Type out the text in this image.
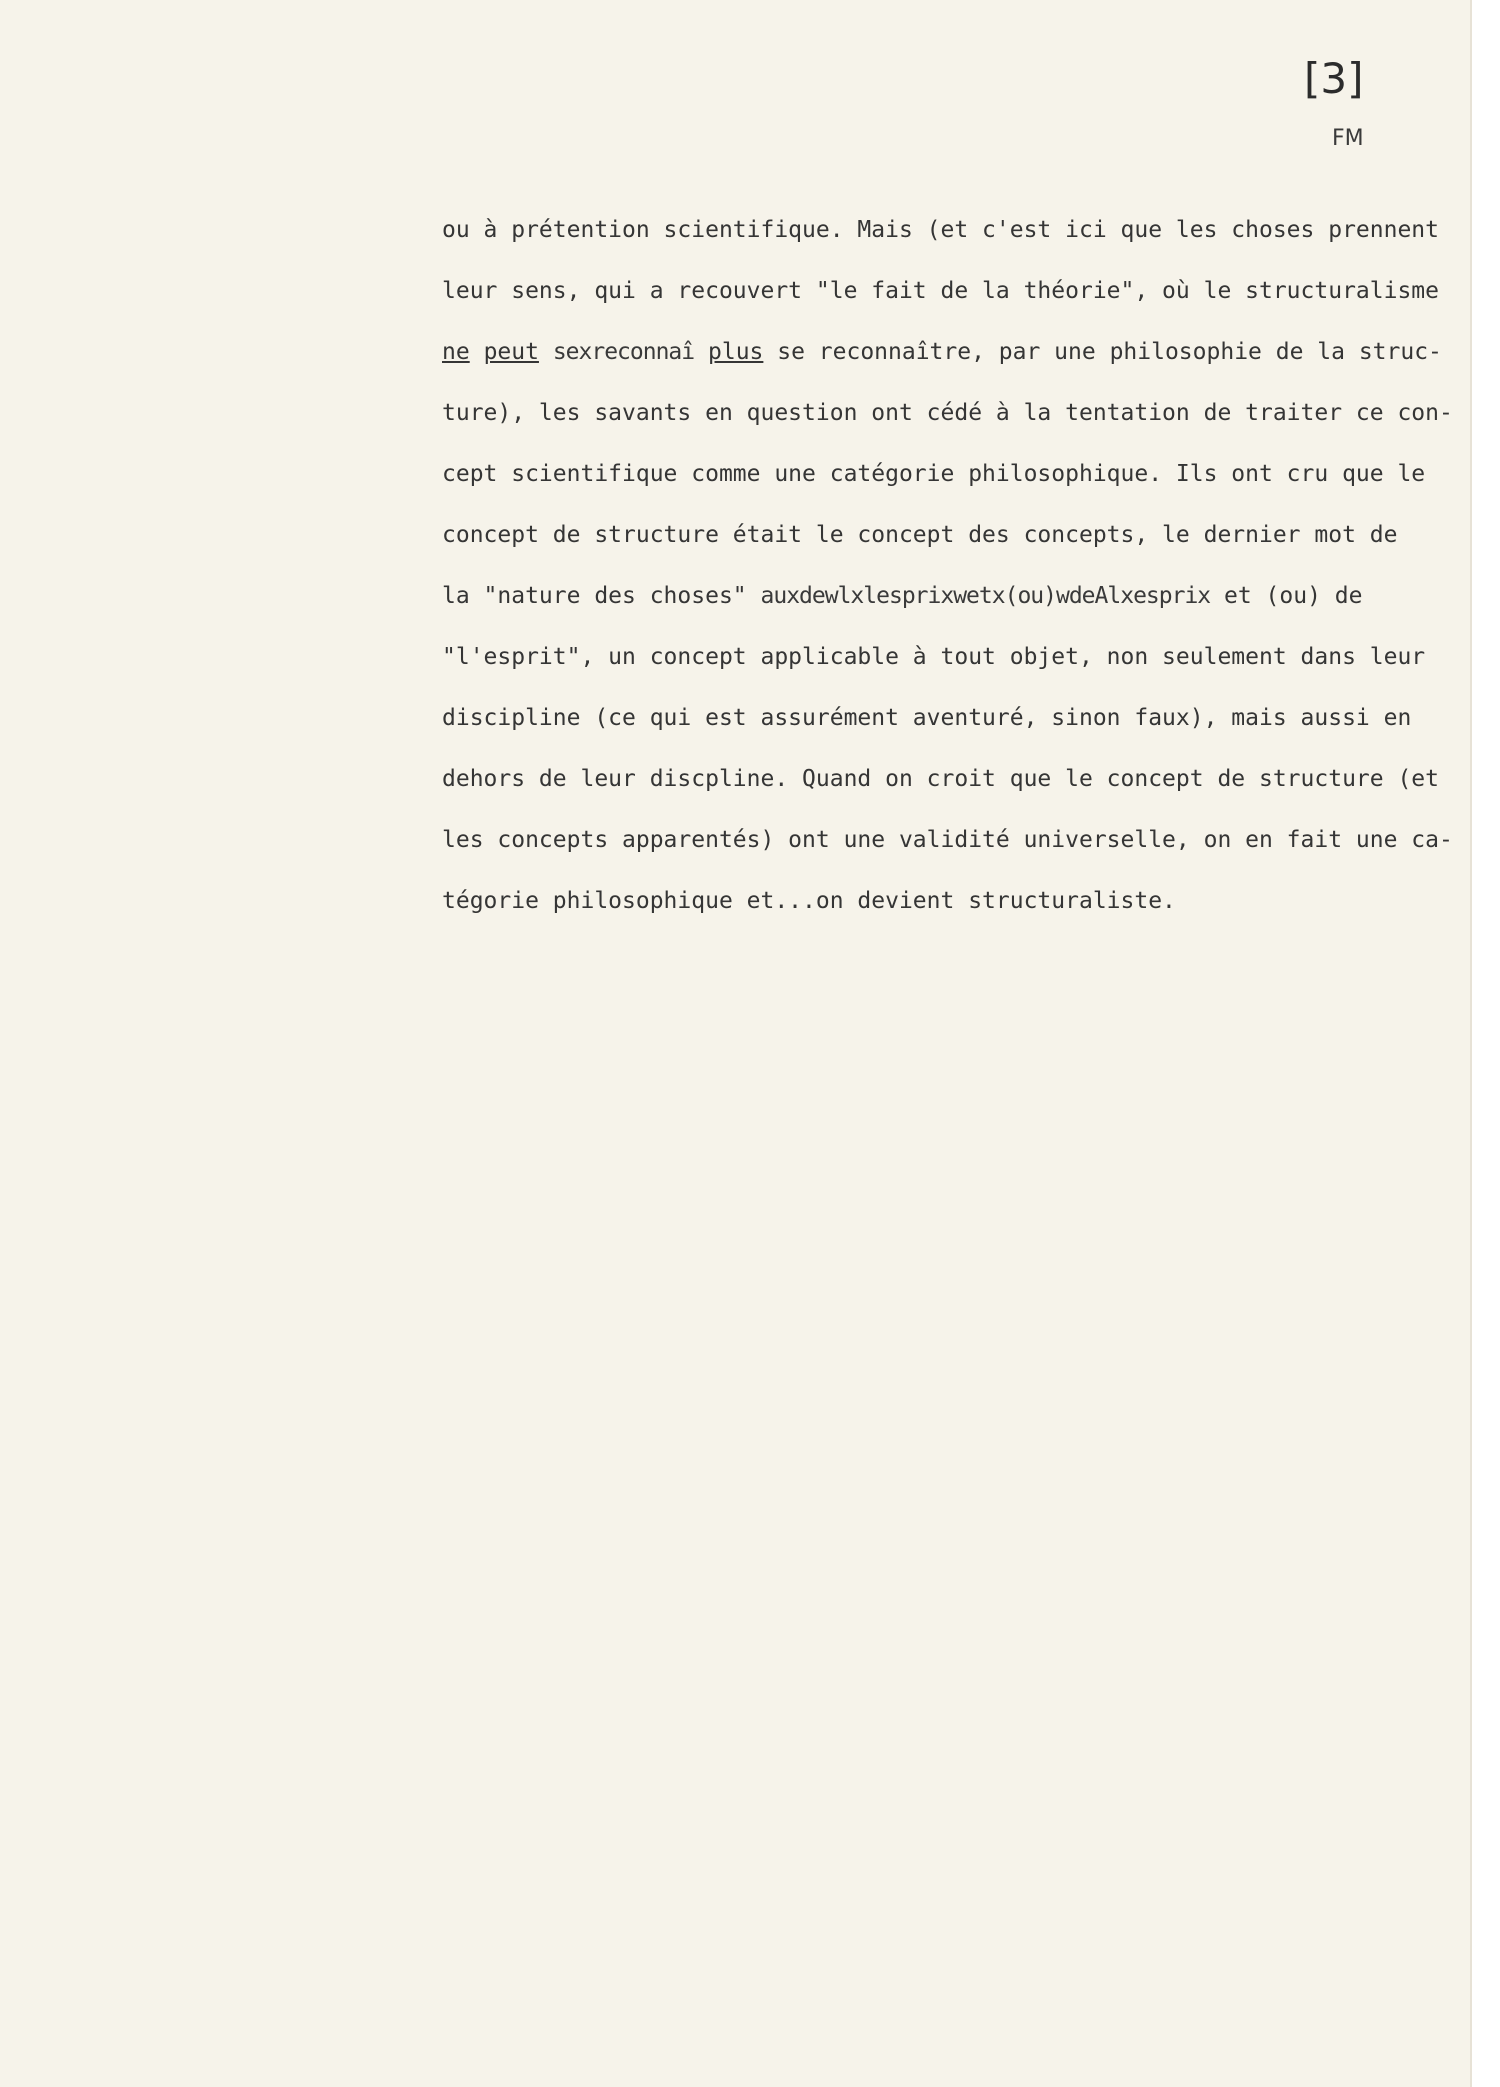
[3]
FM
ou à prétention scientifique. Mais (et c'est ici que les choses prennent
leur sens, qui a recouvert "le fait de la théorie", où le structuralisme
ne peut sexreconnaî plus se reconnaître, par une philosophie de la struc-
ture), les savants en question ont cédé à la tentation de traiter ce con-
cept scientifique comme une catégorie philosophique. Ils ont cru que le
concept de structure était le concept des concepts, le dernier mot de
la "nature des choses" auxdewlxlesprixwetx(ou)wdeAlxesprix et (ou) de
"l'esprit", un concept applicable à tout objet, non seulement dans leur
discipline (ce qui est assurément aventuré, sinon faux), mais aussi en
dehors de leur discpline. Quand on croit que le concept de structure (et
les concepts apparentés) ont une validité universelle, on en fait une ca-
tégorie philosophique et...on devient structuraliste.
